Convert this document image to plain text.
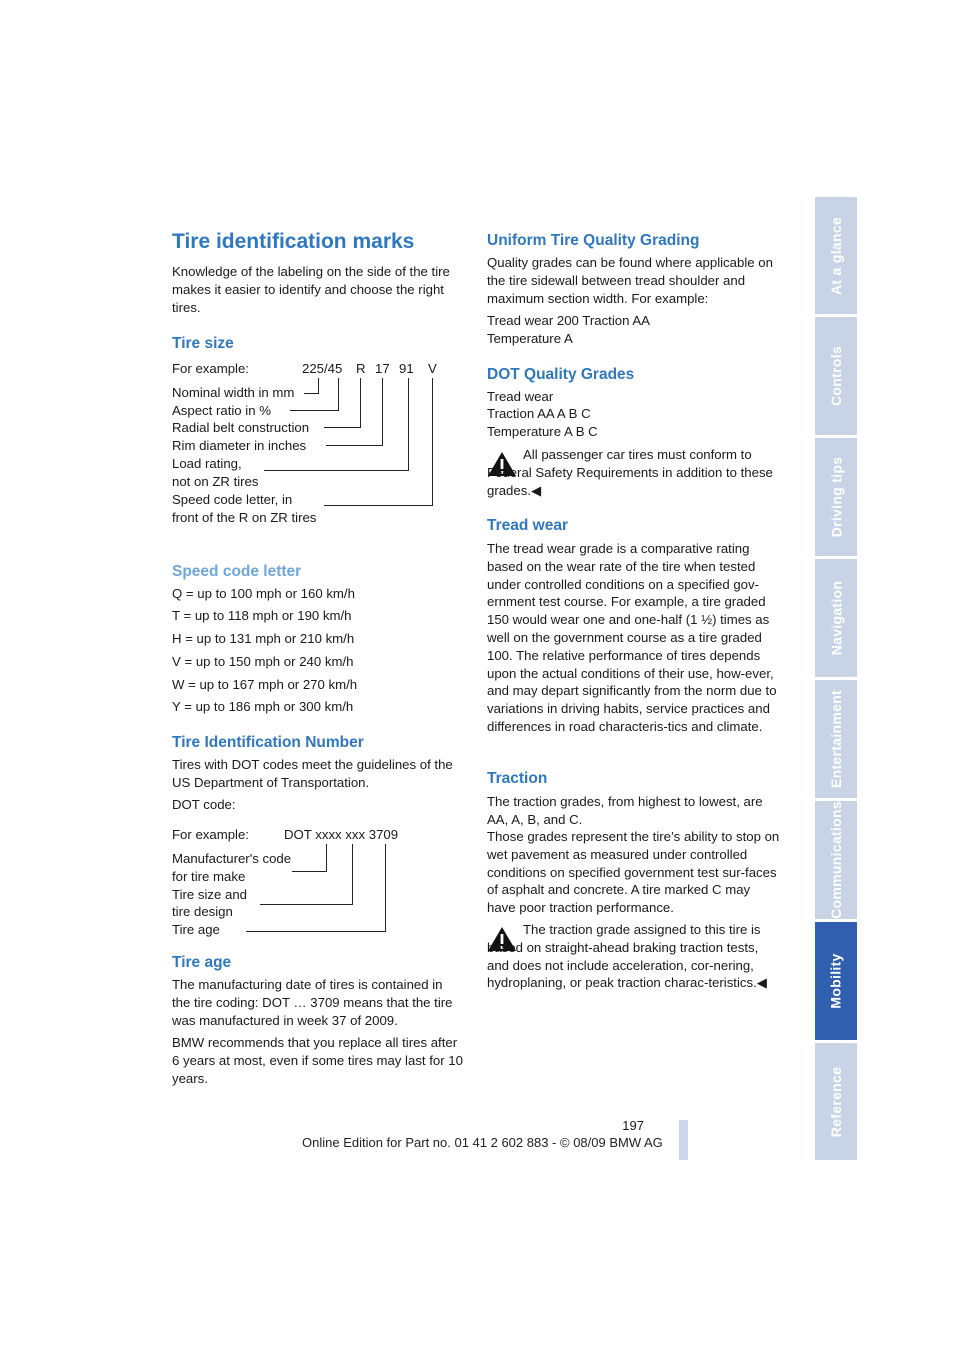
Tire identification marks

Knowledge of the labeling on the side of the tire makes it easier to identify and choose the right tires.

Tire size
For example:	225/45 R 17 91 V
Nominal width in mm
Aspect ratio in %
Radial belt construction
Rim diameter in inches
Load rating,
not on ZR tires
Speed code letter, in
front of the R on ZR tires
Speed code letter
Q = up to 100 mph or 160 km/h
T = up to 118 mph or 190 km/h
H = up to 131 mph or 210 km/h
V = up to 150 mph or 240 km/h
W = up to 167 mph or 270 km/h
Y = up to 186 mph or 300 km/h
Tire Identification Number

Tires with DOT codes meet the guidelines of the US Department of Transportation.

DOT code:
For example:	DOT xxxx xxx 3709
Manufacturer's code
for tire make
Tire size and
tire design
Tire age
Tire age

The manufacturing date of tires is contained in the tire coding: DOT … 3709 means that the tire was manufactured in week 37 of 2009.

BMW recommends that you replace all tires after 6 years at most, even if some tires may last for 10 years.

Uniform Tire Quality Grading

Quality grades can be found where applicable on the tire sidewall between tread shoulder and maximum section width. For example:

Tread wear 200 Traction AA
Temperature A
DOT Quality Grades
Tread wear
Traction AA A B C
Temperature A B C

All passenger car tires must conform to Federal Safety Requirements in addition to these grades.◀

Tread wear

The tread wear grade is a comparative rating based on the wear rate of the tire when tested under controlled conditions on a specified gov-ernment test course. For example, a tire graded 150 would wear one and one-half (1 ½) times as well on the government course as a tire graded 100. The relative performance of tires depends upon the actual conditions of their use, how-ever, and may depart significantly from the norm due to variations in driving habits, service practices and differences in road characteris-tics and climate.

Traction

The traction grades, from highest to lowest, are AA, A, B, and C.

Those grades represent the tire’s ability to stop on wet pavement as measured under controlled conditions on specified government test sur-faces of asphalt and concrete. A tire marked C may have poor traction performance.

The traction grade assigned to this tire is based on straight-ahead braking traction tests, and does not include acceleration, cor-nering, hydroplaning, or peak traction charac-teristics.◀

At a glance
Controls
Driving tips
Navigation
Entertainment
Communications
Mobility
Reference
197
Online Edition for Part no. 01 41 2 602 883 - © 08/09 BMW AG
